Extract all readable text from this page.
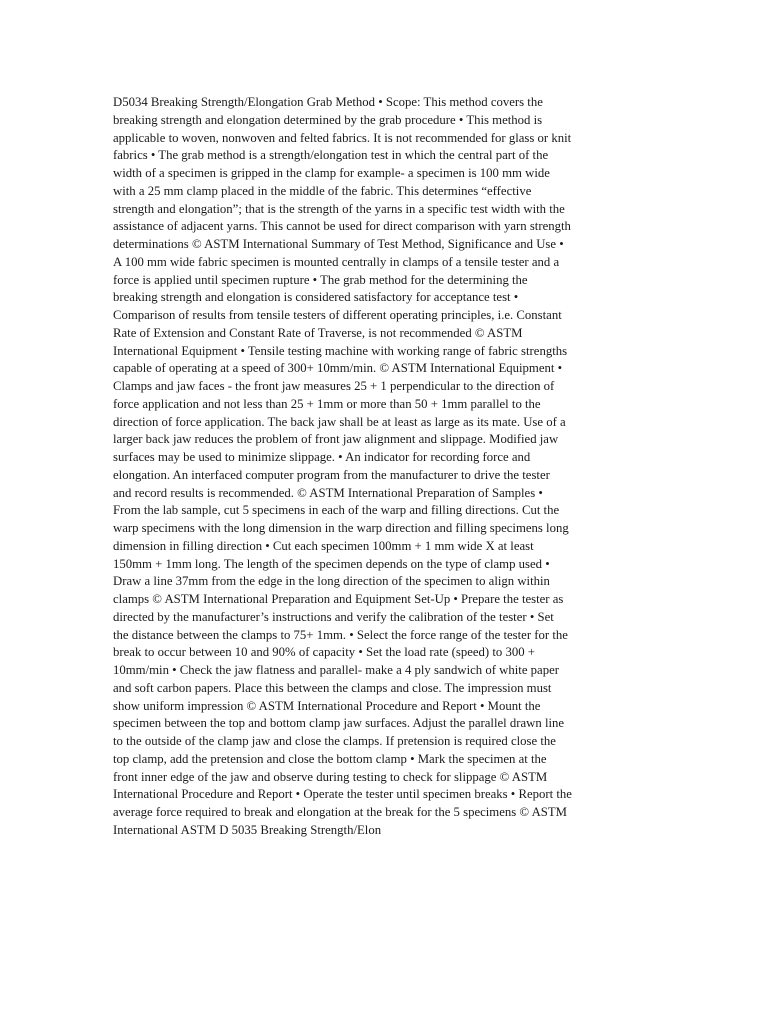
D5034 Breaking Strength/Elongation Grab Method • Scope: This method covers the
breaking strength and elongation determined by the grab procedure • This method is
applicable to woven, nonwoven and felted fabrics. It is not recommended for glass or knit
fabrics • The grab method is a strength/elongation test in which the central part of the
width of a specimen is gripped in the clamp for example- a specimen is 100 mm wide
with a 25 mm clamp placed in the middle of the fabric. This determines “effective
strength and elongation”; that is the strength of the yarns in a specific test width with the
assistance of adjacent yarns. This cannot be used for direct comparison with yarn strength
determinations © ASTM International Summary of Test Method, Significance and Use •
A 100 mm wide fabric specimen is mounted centrally in clamps of a tensile tester and a
force is applied until specimen rupture • The grab method for the determining the
breaking strength and elongation is considered satisfactory for acceptance test •
Comparison of results from tensile testers of different operating principles, i.e. Constant
Rate of Extension and Constant Rate of Traverse, is not recommended © ASTM
International Equipment • Tensile testing machine with working range of fabric strengths
capable of operating at a speed of 300+ 10mm/min. © ASTM International Equipment •
Clamps and jaw faces - the front jaw measures 25 + 1 perpendicular to the direction of
force application and not less than 25 + 1mm or more than 50 + 1mm parallel to the
direction of force application. The back jaw shall be at least as large as its mate. Use of a
larger back jaw reduces the problem of front jaw alignment and slippage. Modified jaw
surfaces may be used to minimize slippage. • An indicator for recording force and
elongation. An interfaced computer program from the manufacturer to drive the tester
and record results is recommended. © ASTM International Preparation of Samples •
From the lab sample, cut 5 specimens in each of the warp and filling directions. Cut the
warp specimens with the long dimension in the warp direction and filling specimens long
dimension in filling direction • Cut each specimen 100mm + 1 mm wide X at least
150mm + 1mm long. The length of the specimen depends on the type of clamp used •
Draw a line 37mm from the edge in the long direction of the specimen to align within
clamps © ASTM International Preparation and Equipment Set-Up • Prepare the tester as
directed by the manufacturer’s instructions and verify the calibration of the tester • Set
the distance between the clamps to 75+ 1mm. • Select the force range of the tester for the
break to occur between 10 and 90% of capacity • Set the load rate (speed) to 300 +
10mm/min • Check the jaw flatness and parallel- make a 4 ply sandwich of white paper
and soft carbon papers. Place this between the clamps and close. The impression must
show uniform impression © ASTM International Procedure and Report • Mount the
specimen between the top and bottom clamp jaw surfaces. Adjust the parallel drawn line
to the outside of the clamp jaw and close the clamps. If pretension is required close the
top clamp, add the pretension and close the bottom clamp • Mark the specimen at the
front inner edge of the jaw and observe during testing to check for slippage © ASTM
International Procedure and Report • Operate the tester until specimen breaks • Report the
average force required to break and elongation at the break for the 5 specimens © ASTM
International ASTM D 5035 Breaking Strength/Elon
